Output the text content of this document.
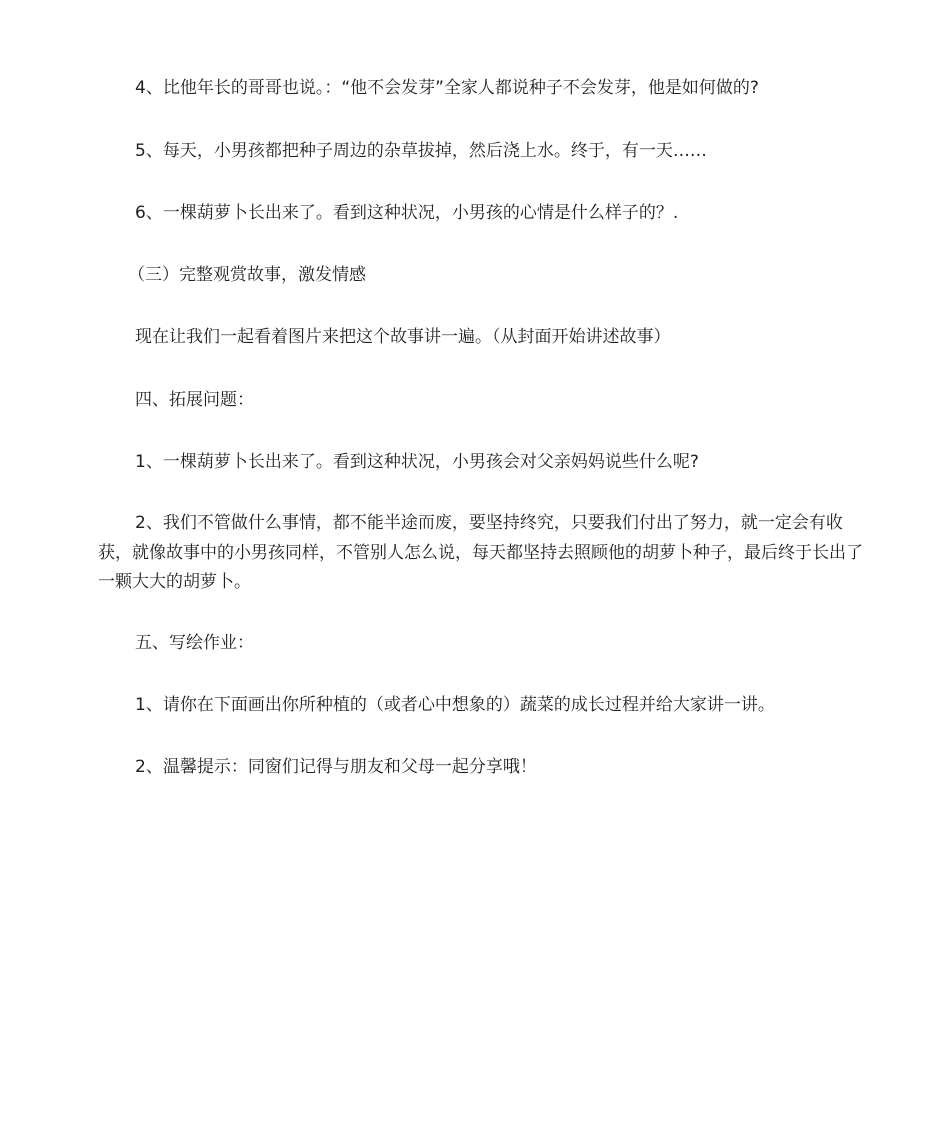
4、比他年长的哥哥也说。：“他不会发芽”全家人都说种子不会发芽，他是如何做的?

5、每天，小男孩都把种子周边的杂草拔掉，然后浇上水。终于，有一天……

6、一棵葫萝卜长出来了。看到这种状况，小男孩的心情是什么样子的？.

（三）完整观赏故事，激发情感

现在让我们一起看着图片来把这个故事讲一遍。（从封面开始讲述故事）

四、拓展问题：

1、一棵葫萝卜长出来了。看到这种状况，小男孩会对父亲妈妈说些什么呢?

2、我们不管做什么事情，都不能半途而废，要坚持终究，只要我们付出了努力，就一定会有收获，就像故事中的小男孩同样，不管别人怎么说，每天都坚持去照顾他的胡萝卜种子，最后终于长出了一颗大大的胡萝卜。

五、写绘作业：

1、请你在下面画出你所种植的（或者心中想象的）蔬菜的成长过程并给大家讲一讲。

2、温馨提示：同窗们记得与朋友和父母一起分享哦！
